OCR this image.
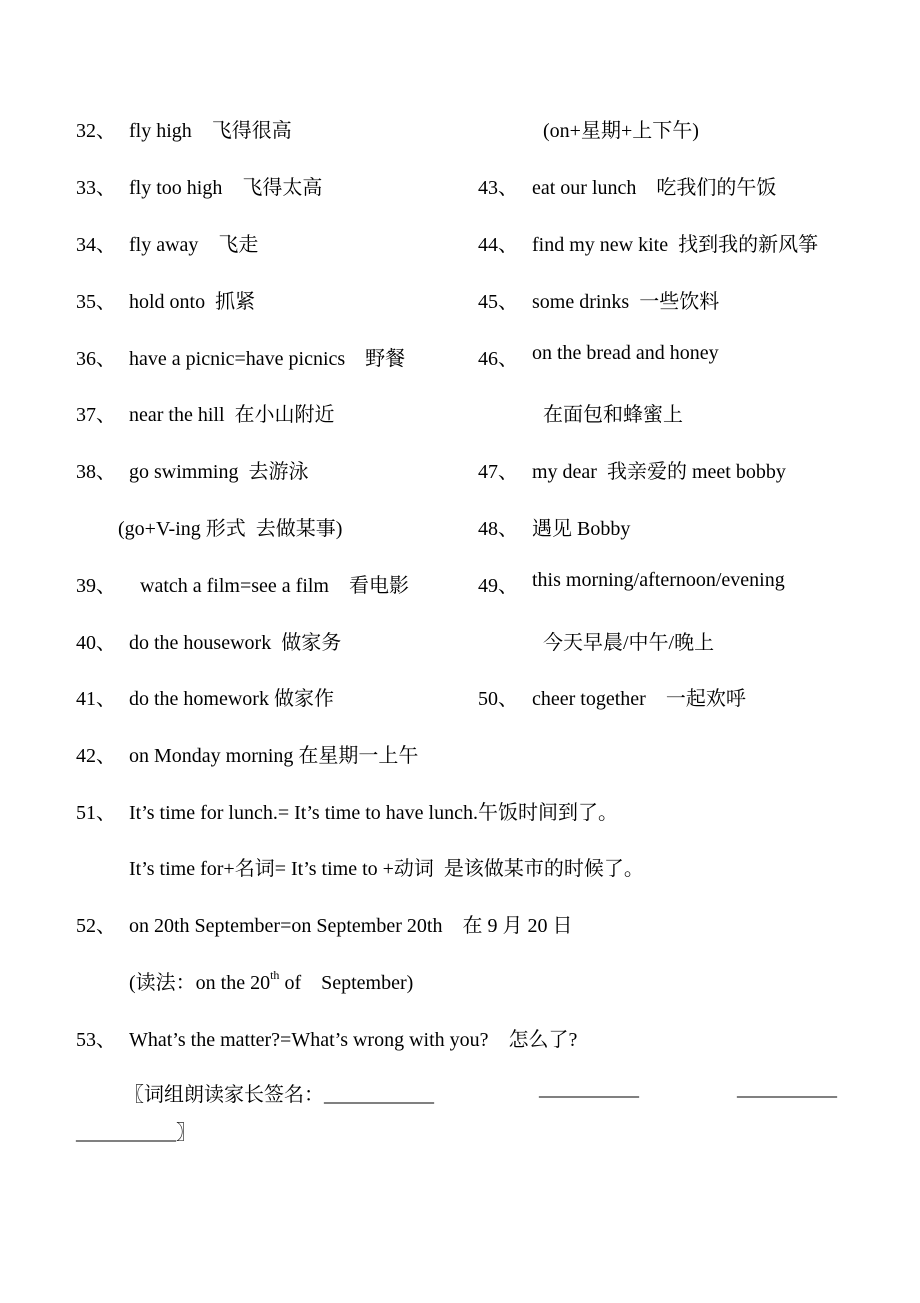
32、 fly high　飞得很高
33、 fly too high　飞得太高
34、 fly away　飞走
35、 hold onto  抓紧
36、 have a picnic=have picnics　野餐
37、 near the hill  在小山附近
38、 go swimming  去游泳
(go+V-ing 形式  去做某事)
39、 watch a film=see a film　看电影
40、 do the housework  做家务
41、 do the homework 做家作
42、 on Monday morning 在星期一上午
(on+星期+上下午)
43、 eat our lunch　吃我们的午饭
44、 find my new kite  找到我的新风筝
45、 some drinks  一些饮料
46、 on the bread and honey
在面包和蜂蜜上
47、 my dear  我亲爱的 meet bobby
48、 遇见 Bobby
49、 this morning/afternoon/evening
今天早晨/中午/晚上
50、 cheer together　一起欢呼
51、 It’s time for lunch.= It’s time to have lunch.午饭时间到了。
It’s time for+名词= It’s time to +动词  是该做某市的时候了。
52、 on 20th September=on September 20th　在 9 月 20 日
(读法：on the 20th of　September)
53、 What’s the matter?=What’s wrong with you?　怎么了?
〖词组朗读家长签名：___________	__________	__________
__________〗
